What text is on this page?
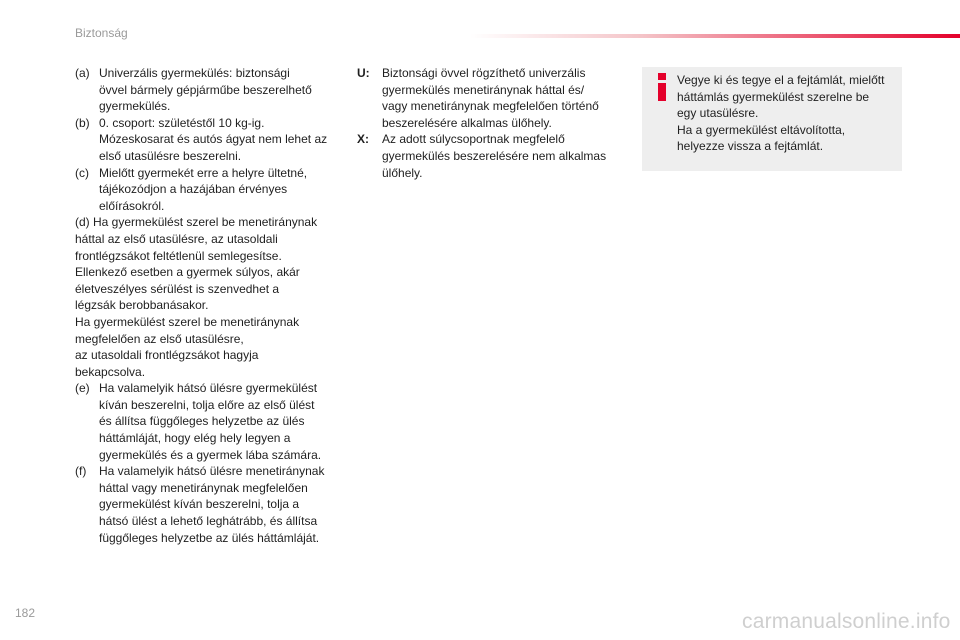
Biztonság
(a) Univerzális gyermekülés: biztonsági
övvel bármely gépjárműbe beszerelhető
gyermekülés.
(b) 0. csoport: születéstől 10 kg-ig.
Mózeskosarat és autós ágyat nem lehet az
első utasülésre beszerelni.
(c) Mielőtt gyermekét erre a helyre ültetné,
tájékozódjon a hazájában érvényes
előírásokról.
(d) Ha gyermekülést szerel be menetiránynak
háttal az első utasülésre, az utasoldali
frontlégzsákot feltétlenül semlegesítse.
Ellenkező esetben a gyermek súlyos, akár
életveszélyes sérülést is szenvedhet a
légzsák berobbanásakor.
Ha gyermekülést szerel be menetiránynak
megfelelően az első utasülésre,
az utasoldali frontlégzsákot hagyja
bekapcsolva.
(e) Ha valamelyik hátsó ülésre gyermekülést
kíván beszerelni, tolja előre az első ülést
és állítsa függőleges helyzetbe az ülés
háttámláját, hogy elég hely legyen a
gyermekülés és a gyermek lába számára.
(f)	Ha valamelyik hátsó ülésre menetiránynak
háttal vagy menetiránynak megfelelően
gyermekülést kíván beszerelni, tolja a
hátsó ülést a lehető leghátrább, és állítsa
függőleges helyzetbe az ülés háttámláját.
U:	Biztonsági övvel rögzíthető univerzális
gyermekülés menetiránynak háttal és/
vagy menetiránynak megfelelően történő
beszerelésére alkalmas ülőhely.
X:	Az adott súlycsoportnak megfelelő
gyermekülés beszerelésére nem alkalmas
ülőhely.
Vegye ki és tegye el a fejtámlát, mielőtt
háttámlás gyermekülést szerelne be
egy utasülésre.
Ha a gyermekülést eltávolította,
helyezze vissza a fejtámlát.
182	carmanualsonline.info
